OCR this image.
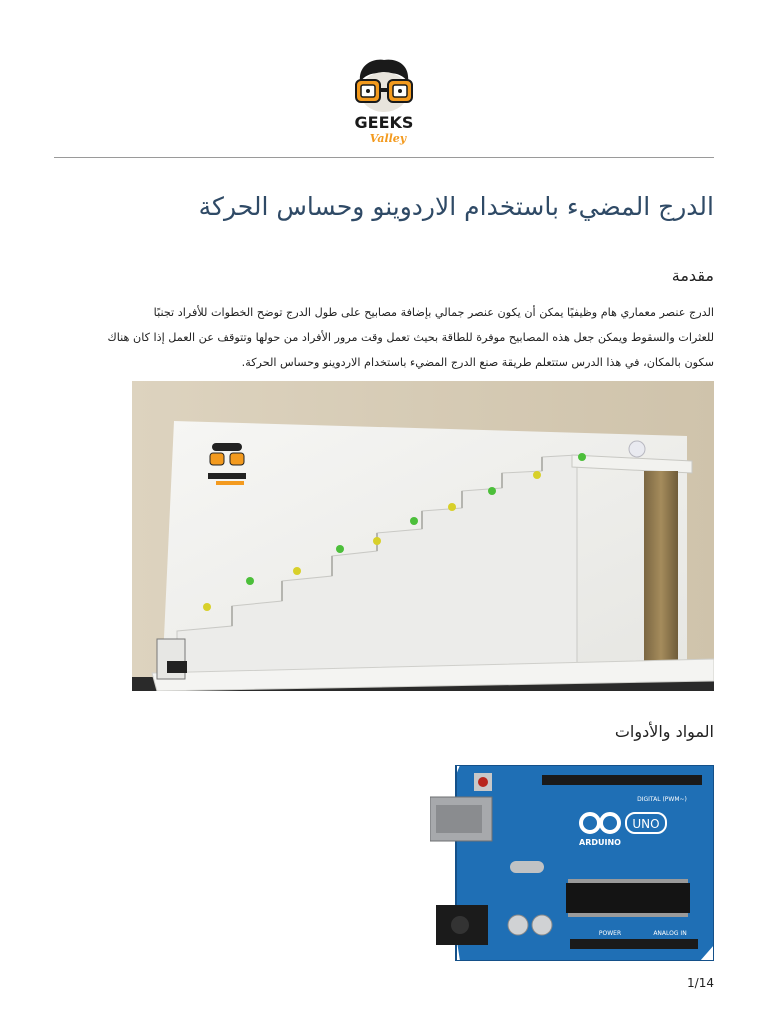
GEEKS
Valley
الدرج المضيء باستخدام الاردوينو وحساس الحركة
مقدمة
الدرج عنصر معماري هام وظيفيًا يمكن أن يكون عنصر جمالي بإضافة مصابيح على طول الدرج توضح الخطوات للأفراد تجنبًا
للعثرات والسقوط ويمكن جعل هذه المصابيح موفرة للطاقة بحيث تعمل وقت مرور الأفراد من حولها وتتوقف عن العمل إذا كان هناك
سكون بالمكان، في هذا الدرس ستتعلم طريقة صنع الدرج المضيء باستخدام الاردوينو وحساس الحركة.
المواد والأدوات
UNO
ARDUINO
DIGITAL (PWM~)
ANALOG IN
POWER
1/14
